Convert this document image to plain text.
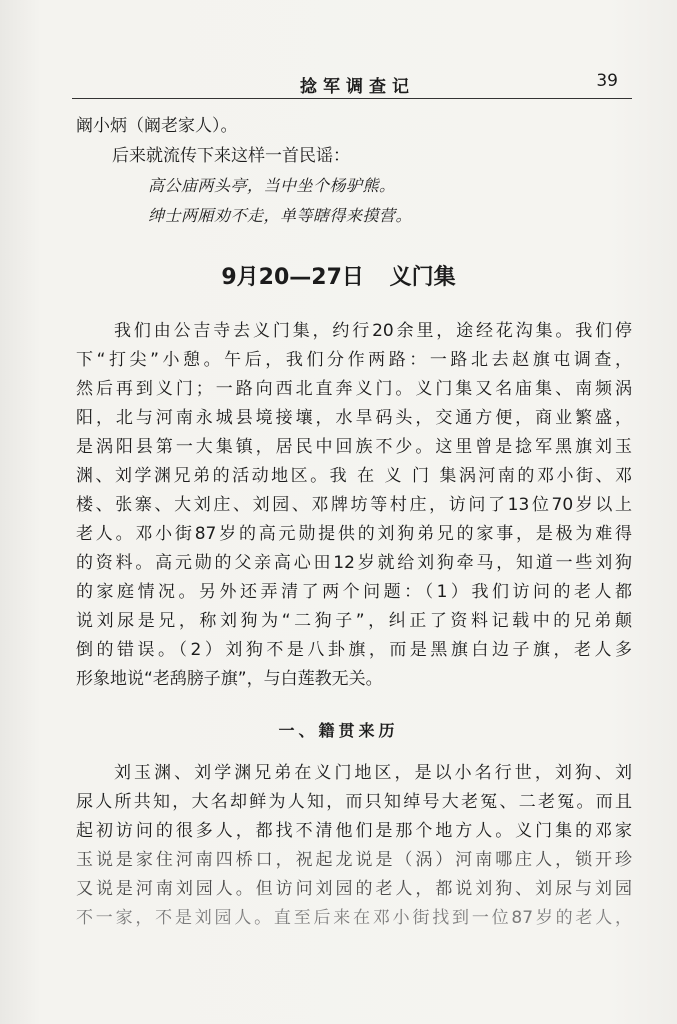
捻军调查记	39
阚小炳（阚老家人）。
后来就流传下来这样一首民谣：
高公庙两头亭，当中坐个杨驴熊。
绅士两厢劝不走，单等瞎得来摸营。
9月20—27日 义门集
我们由公吉寺去义门集，约行20余里，途经花沟集。我们停
下“打尖”小憩。午后，我们分作两路：一路北去赵旗屯调查，
然后再到义门；一路向西北直奔义门。义门集又名庙集、南频涡
阳，北与河南永城县境接壤，水旱码头，交通方便，商业繁盛，
是涡阳县第一大集镇，居民中回族不少。这里曾是捻军黑旗刘玉
渊、刘学渊兄弟的活动地区。我 在 义 门 集涡河南的邓小街、邓
楼、张寨、大刘庄、刘园、邓牌坊等村庄，访问了13位70岁以上
老人。邓小街87岁的高元勋提供的刘狗弟兄的家事，是极为难得
的资料。高元勋的父亲高心田12岁就给刘狗牵马，知道一些刘狗
的家庭情况。另外还弄清了两个问题：（1）我们访问的老人都
说刘尿是兄，称刘狗为“二狗子”，纠正了资料记载中的兄弟颠
倒的错误。（2）刘狗不是八卦旗，而是黑旗白边子旗，老人多
形象地说“老鸹膀子旗”，与白莲教无关。
一、籍贯来历
刘玉渊、刘学渊兄弟在义门地区，是以小名行世，刘狗、刘
尿人所共知，大名却鲜为人知，而只知绰号大老冤、二老冤。而且
起初访问的很多人，都找不清他们是那个地方人。义门集的邓家
玉说是家住河南四桥口，祝起龙说是（涡）河南哪庄人，锁开珍
又说是河南刘园人。但访问刘园的老人，都说刘狗、刘尿与刘园
不一家，不是刘园人。直至后来在邓小街找到一位87岁的老人，
